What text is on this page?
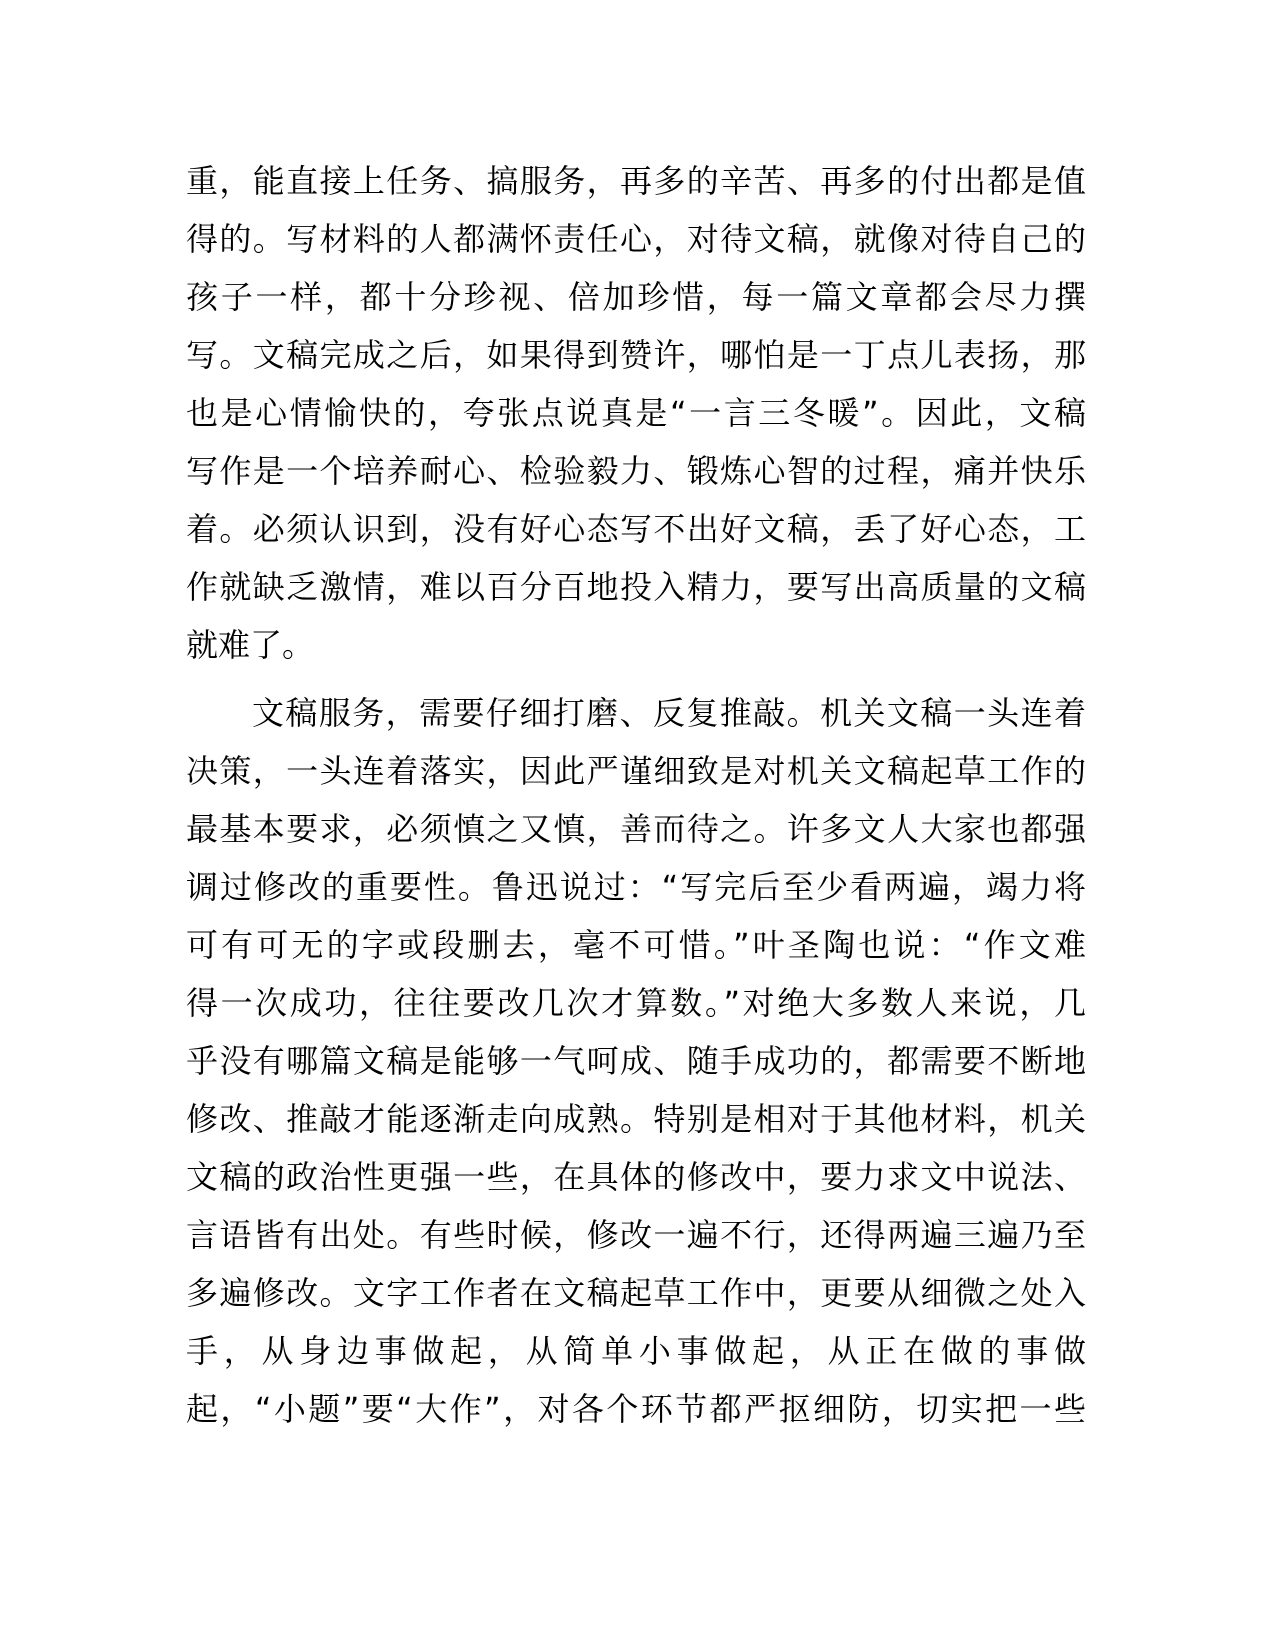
重，能直接上任务、搞服务，再多的辛苦、再多的付出都是值
得的。写材料的人都满怀责任心，对待文稿，就像对待自己的
孩子一样，都十分珍视、倍加珍惜，每一篇文章都会尽力撰
写。文稿完成之后，如果得到赞许，哪怕是一丁点儿表扬，那
也是心情愉快的，夸张点说真是“一言三冬暖”。因此，文稿
写作是一个培养耐心、检验毅力、锻炼心智的过程，痛并快乐
着。必须认识到，没有好心态写不出好文稿，丢了好心态，工
作就缺乏激情，难以百分百地投入精力，要写出高质量的文稿
就难了。
文稿服务，需要仔细打磨、反复推敲。机关文稿一头连着
决策，一头连着落实，因此严谨细致是对机关文稿起草工作的
最基本要求，必须慎之又慎，善而待之。许多文人大家也都强
调过修改的重要性。鲁迅说过：“写完后至少看两遍，竭力将
可有可无的字或段删去，毫不可惜。”叶圣陶也说：“作文难
得一次成功，往往要改几次才算数。”对绝大多数人来说，几
乎没有哪篇文稿是能够一气呵成、随手成功的，都需要不断地
修改、推敲才能逐渐走向成熟。特别是相对于其他材料，机关
文稿的政治性更强一些，在具体的修改中，要力求文中说法、
言语皆有出处。有些时候，修改一遍不行，还得两遍三遍乃至
多遍修改。文字工作者在文稿起草工作中，更要从细微之处入
手，从身边事做起，从简单小事做起，从正在做的事做
起，“小题”要“大作”，对各个环节都严抠细防，切实把一些
